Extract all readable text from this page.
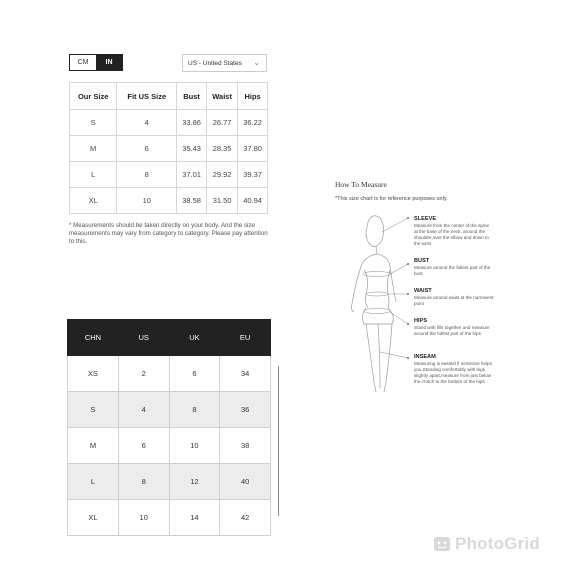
CM	IN	US - United States ⌄
Our Size	Fit US Size	Bust	Waist	Hips
S	4	33.86	26.77	36.22
M	6	35.43	28.35	37.80
L	8	37.01	29.92	39.37
XL	10	38.58	31.50	40.94
* Measurements should be taken directly on your body. And the size measurements may vary from category to category. Please pay attention to this.
CHN	US	UK	EU
XS	2	6	34
S	4	8	36
M	6	10	38
L	8	12	40
XL	10	14	42
How To Measure
*This size chart is for reference purposes only.
SLEEVE
Measure from the center of the spine at the base of the neck, around the shoulder,over the elbow and down to the wrist
BUST
Measure around the fullest part of the bust
WAIST
Measure around waist at the narrowest point
HIPS
Stand with fills together and measure around the fullest part of the hips
INSEAM
Measuring is easiest if someone helps you.Standing comfortably with legs slightly apart,measure from just below the crotch to the bottom of the hips
PhotoGrid
